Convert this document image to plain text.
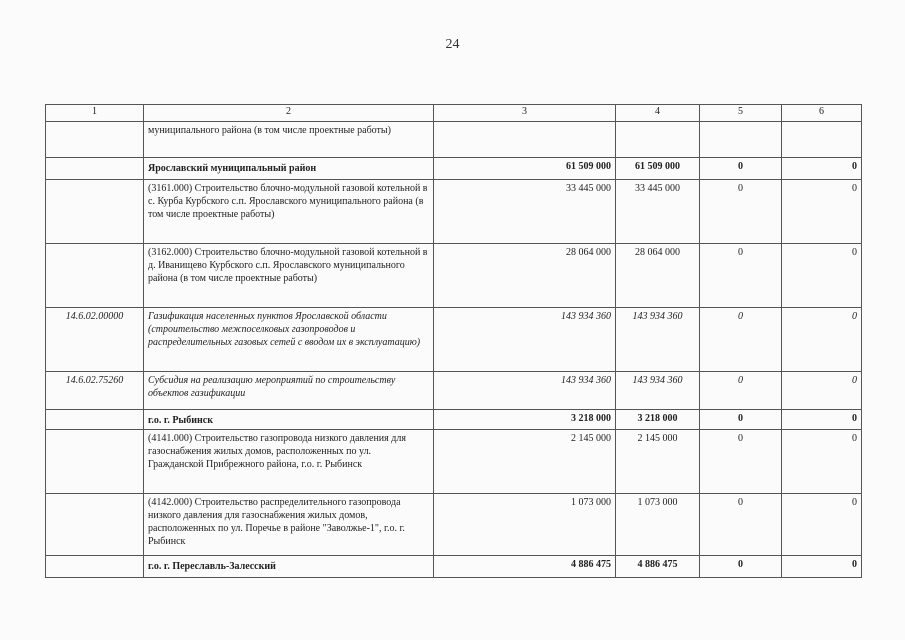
24
1	2	3	4	5	6
	муниципального района (в том числе проектные работы)				
	Ярославский муниципальный район	61 509 000	61 509 000	0	0
	(3161.000) Строительство блочно-модульной газовой котельной в с. Курба Курбского с.п. Ярославского муниципального района (в том числе проектные работы)	33 445 000	33 445 000	0	0
	(3162.000) Строительство блочно-модульной газовой котельной в д. Иванищево Курбского с.п. Ярославского муниципального района (в том числе проектные работы)	28 064 000	28 064 000	0	0
14.6.02.00000	Газификация населенных пунктов Ярославской области (строительство межпоселковых газопроводов и распределительных газовых сетей с вводом их в эксплуатацию)	143 934 360	143 934 360	0	0
14.6.02.75260	Субсидия на реализацию мероприятий по строительству объектов газификации	143 934 360	143 934 360	0	0
	г.о. г. Рыбинск	3 218 000	3 218 000	0	0
	(4141.000) Строительство газопровода низкого давления для газоснабжения жилых домов, расположенных по ул. Гражданской Прибрежного района, г.о. г. Рыбинск	2 145 000	2 145 000	0	0
	(4142.000) Строительство распределительного газопровода низкого давления для газоснабжения жилых домов, расположенных по ул. Поречье в районе "Заволжье-1", г.о. г. Рыбинск	1 073 000	1 073 000	0	0
	г.о. г. Переславль-Залесский	4 886 475	4 886 475	0	0
